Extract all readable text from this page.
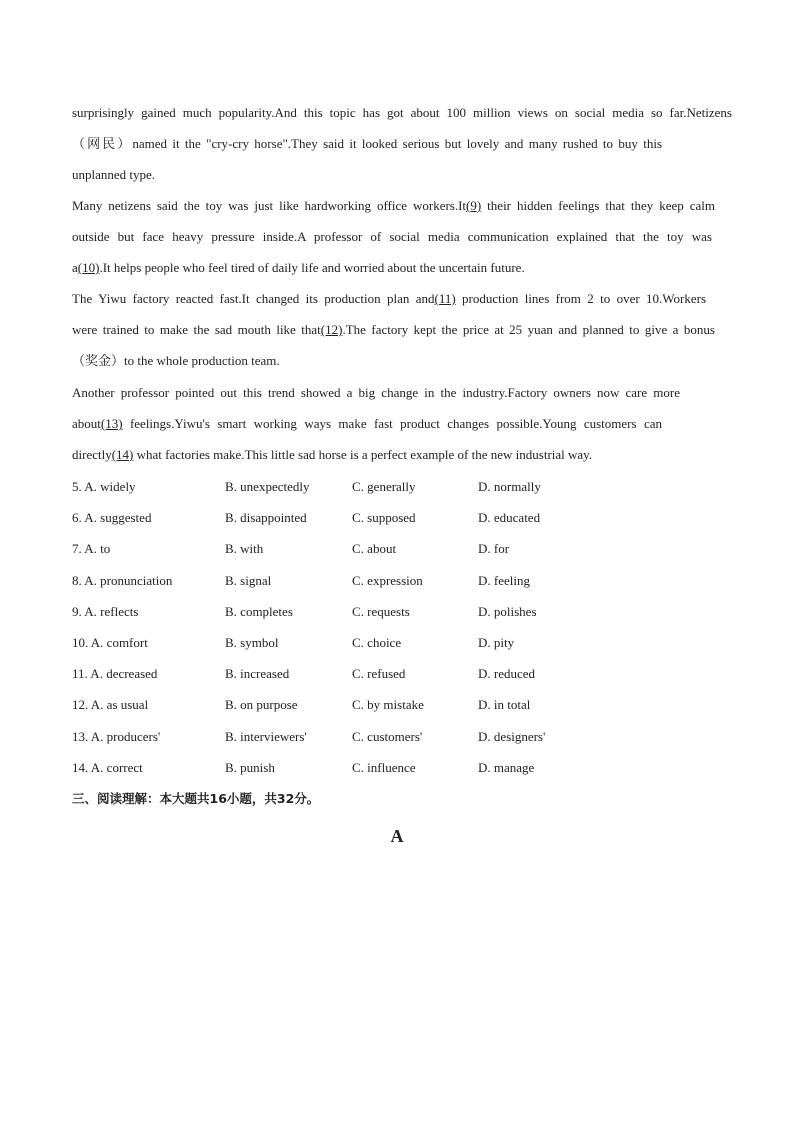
surprisingly gained much popularity.And this topic has got about 100 million views on social media so far.Netizens
（网民）named it the "cry-cry horse".They said it looked serious but lovely and many rushed to buy this
unplanned type.
Many netizens said the toy was just like hardworking office workers.It(9) their hidden feelings that they keep calm
outside but face heavy pressure inside.A professor of social media communication explained that the toy was
a(10).It helps people who feel tired of daily life and worried about the uncertain future.
The Yiwu factory reacted fast.It changed its production plan and(11) production lines from 2 to over 10.Workers
were trained to make the sad mouth like that(12).The factory kept the price at 25 yuan and planned to give a bonus
（奖金）to the whole production team.
Another professor pointed out this trend showed a big change in the industry.Factory owners now care more
about(13) feelings.Yiwu's smart working ways make fast product changes possible.Young customers can
directly(14) what factories make.This little sad horse is a perfect example of the new industrial way.
5. A. widely	B. unexpectedly	C. generally	D. normally
6. A. suggested	B. disappointed	C. supposed	D. educated
7. A. to	B. with	C. about	D. for
8. A. pronunciation	B. signal	C. expression	D. feeling
9. A. reflects	B. completes	C. requests	D. polishes
10. A. comfort	B. symbol	C. choice	D. pity
11. A. decreased	B. increased	C. refused	D. reduced
12. A. as usual	B. on purpose	C. by mistake	D. in total
13. A. producers'	B. interviewers'	C. customers'	D. designers'
14. A. correct	B. punish	C. influence	D. manage
三、阅读理解：本大题共16小题，共32分。
A
